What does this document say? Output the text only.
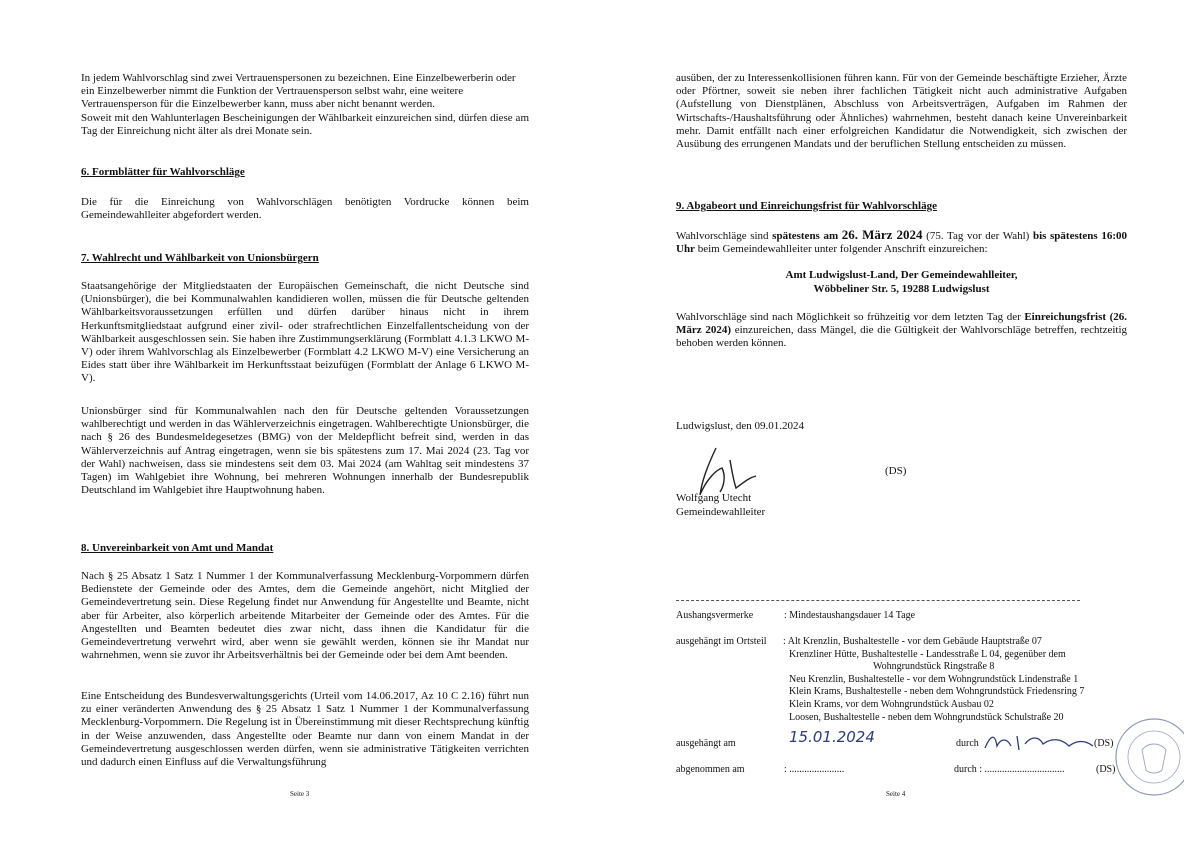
In jedem Wahlvorschlag sind zwei Vertrauenspersonen zu bezeichnen. Eine Einzelbewerberin oder ein Einzelbewerber nimmt die Funktion der Vertrauensperson selbst wahr, eine weitere Vertrauensperson für die Einzelbewerber kann, muss aber nicht benannt werden.
Soweit mit den Wahlunterlagen Bescheinigungen der Wählbarkeit einzureichen sind, dürfen diese am Tag der Einreichung nicht älter als drei Monate sein.

6. Formblätter für Wahlvorschläge

Die für die Einreichung von Wahlvorschlägen benötigten Vordrucke können beim Gemeindewahlleiter abgefordert werden.

7. Wahlrecht und Wählbarkeit von Unionsbürgern

Staatsangehörige der Mitgliedstaaten der Europäischen Gemeinschaft, die nicht Deutsche sind (Unionsbürger), die bei Kommunalwahlen kandidieren wollen, müssen die für Deutsche geltenden Wählbarkeitsvoraussetzungen erfüllen und dürfen darüber hinaus nicht in ihrem Herkunftsmitgliedstaat aufgrund einer zivil- oder strafrechtlichen Einzelfallentscheidung von der Wählbarkeit ausgeschlossen sein. Sie haben ihre Zustimmungserklärung (Formblatt 4.1.3 LKWO M-V) oder ihrem Wahlvorschlag als Einzelbewerber (Formblatt 4.2 LKWO M-V) eine Versicherung an Eides statt über ihre Wählbarkeit im Herkunftsstaat beizufügen (Formblatt der Anlage 6 LKWO M-V).

Unionsbürger sind für Kommunalwahlen nach den für Deutsche geltenden Voraussetzungen wahlberechtigt und werden in das Wählerverzeichnis eingetragen. Wahlberechtigte Unionsbürger, die nach § 26 des Bundesmeldegesetzes (BMG) von der Meldepflicht befreit sind, werden in das Wählerverzeichnis auf Antrag eingetragen, wenn sie bis spätestens zum 17. Mai 2024 (23. Tag vor der Wahl) nachweisen, dass sie mindestens seit dem 03. Mai 2024 (am Wahltag seit mindestens 37 Tagen) im Wahlgebiet ihre Wohnung, bei mehreren Wohnungen innerhalb der Bundesrepublik Deutschland im Wahlgebiet ihre Hauptwohnung haben.

8. Unvereinbarkeit von Amt und Mandat

Nach § 25 Absatz 1 Satz 1 Nummer 1 der Kommunalverfassung Mecklenburg-Vorpommern dürfen Bedienstete der Gemeinde oder des Amtes, dem die Gemeinde angehört, nicht Mitglied der Gemeindevertretung sein. Diese Regelung findet nur Anwendung für Angestellte und Beamte, nicht aber für Arbeiter, also körperlich arbeitende Mitarbeiter der Gemeinde oder des Amtes. Für die Angestellten und Beamten bedeutet dies zwar nicht, dass ihnen die Kandidatur für die Gemeindevertretung verwehrt wird, aber wenn sie gewählt werden, können sie ihr Mandat nur wahrnehmen, wenn sie zuvor ihr Arbeitsverhältnis bei der Gemeinde oder bei dem Amt beenden.

Eine Entscheidung des Bundesverwaltungsgerichts (Urteil vom 14.06.2017, Az 10 C 2.16) führt nun zu einer veränderten Anwendung des § 25 Absatz 1 Satz 1 Nummer 1 der Kommunalverfassung Mecklenburg-Vorpommern. Die Regelung ist in Übereinstimmung mit dieser Rechtsprechung künftig in der Weise anzuwenden, dass Angestellte oder Beamte nur dann von einem Mandat in der Gemeindevertretung ausgeschlossen werden dürfen, wenn sie administrative Tätigkeiten verrichten und dadurch einen Einfluss auf die Verwaltungsführung

Seite 3

ausüben, der zu Interessenkollisionen führen kann. Für von der Gemeinde beschäftigte Erzieher, Ärzte oder Pförtner, soweit sie neben ihrer fachlichen Tätigkeit nicht auch administrative Aufgaben (Aufstellung von Dienstplänen, Abschluss von Arbeitsverträgen, Aufgaben im Rahmen der Wirtschafts-/Haushaltsführung oder Ähnliches) wahrnehmen, besteht danach keine Unvereinbarkeit mehr. Damit entfällt nach einer erfolgreichen Kandidatur die Notwendigkeit, sich zwischen der Ausübung des errungenen Mandats und der beruflichen Stellung entscheiden zu müssen.

9. Abgabeort und Einreichungsfrist für Wahlvorschläge

Wahlvorschläge sind spätestens am 26. März 2024 (75. Tag vor der Wahl) bis spätestens 16:00 Uhr beim Gemeindewahlleiter unter folgender Anschrift einzureichen:

Amt Ludwigslust-Land, Der Gemeindewahlleiter,
Wöbbeliner Str. 5, 19288 Ludwigslust

Wahlvorschläge sind nach Möglichkeit so frühzeitig vor dem letzten Tag der Einreichungsfrist (26. März 2024) einzureichen, dass Mängel, die die Gültigkeit der Wahlvorschläge betreffen, rechtzeitig behoben werden können.

Ludwigslust, den 09.01.2024
(DS)
Wolfgang Utecht
Gemeindewahlleiter
Aushangsvermerke	: Mindestaushangsdauer 14 Tage
ausgehängt im Ortsteil : Alt Krenzlin, Bushaltestelle - vor dem Gebäude Hauptstraße 07
Krenzliner Hütte, Bushaltestelle - Landesstraße L 04, gegenüber dem
Wohngrundstück Ringstraße 8
Neu Krenzlin, Bushaltestelle - vor dem Wohngrundstück Lindenstraße 1
Klein Krams, Bushaltestelle - neben dem Wohngrundstück Friedensring 7
Klein Krams, vor dem Wohngrundstück Ausbau 02
Loosen, Bushaltestelle - neben dem Wohngrundstück Schulstraße 20
ausgehängt am	15.01.2024	durch	(DS)
abgenommen am	: ......................	durch : ................................	(DS)
Seite 4
